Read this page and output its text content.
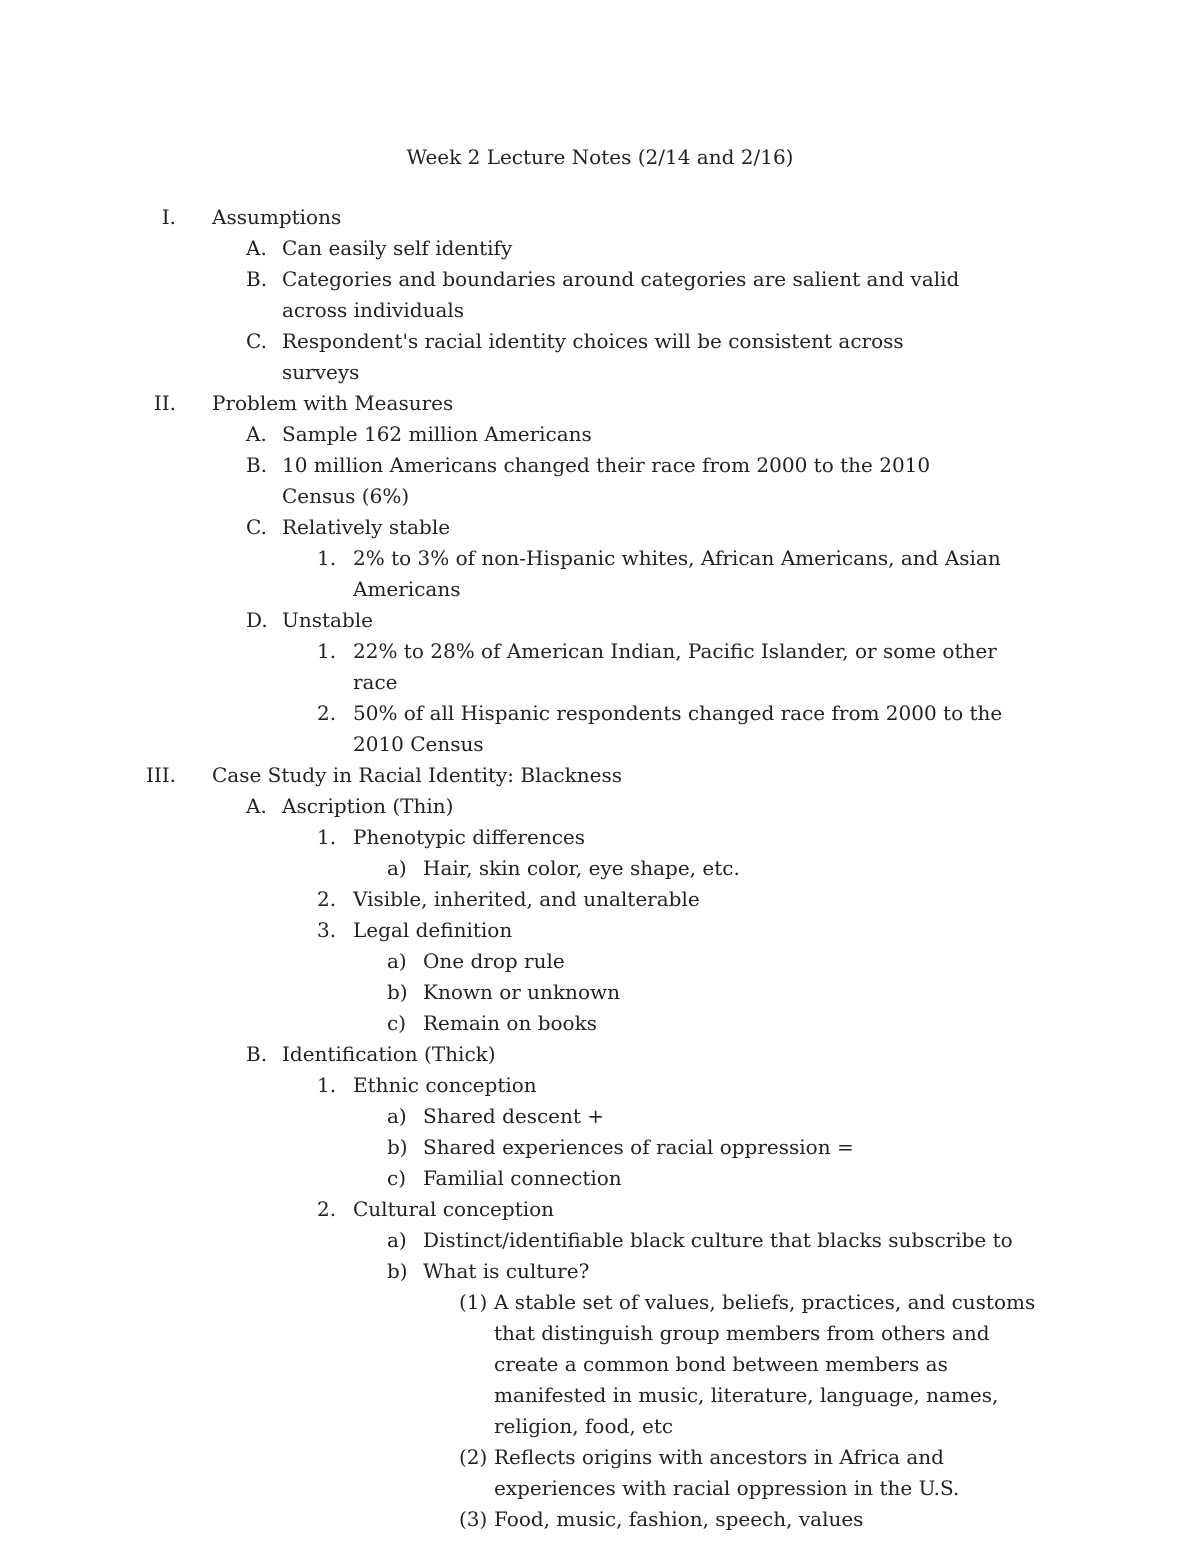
Week 2 Lecture Notes (2/14 and 2/16)
I. Assumptions
A. Can easily self identify
B. Categories and boundaries around categories are salient and valid across individuals
C. Respondent's racial identity choices will be consistent across surveys
II. Problem with Measures
A. Sample 162 million Americans
B. 10 million Americans changed their race from 2000 to the 2010 Census (6%)
C. Relatively stable
1. 2% to 3% of non-Hispanic whites, African Americans, and Asian Americans
D. Unstable
1. 22% to 28% of American Indian, Pacific Islander, or some other race
2. 50% of all Hispanic respondents changed race from 2000 to the 2010 Census
III. Case Study in Racial Identity: Blackness
A. Ascription (Thin)
1. Phenotypic differences
a) Hair, skin color, eye shape, etc.
2. Visible, inherited, and unalterable
3. Legal definition
a) One drop rule
b) Known or unknown
c) Remain on books
B. Identification (Thick)
1. Ethnic conception
a) Shared descent +
b) Shared experiences of racial oppression =
c) Familial connection
2. Cultural conception
a) Distinct/identifiable black culture that blacks subscribe to
b) What is culture?
(1) A stable set of values, beliefs, practices, and customs that distinguish group members from others and create a common bond between members as manifested in music, literature, language, names, religion, food, etc
(2) Reflects origins with ancestors in Africa and experiences with racial oppression in the U.S.
(3) Food, music, fashion, speech, values
